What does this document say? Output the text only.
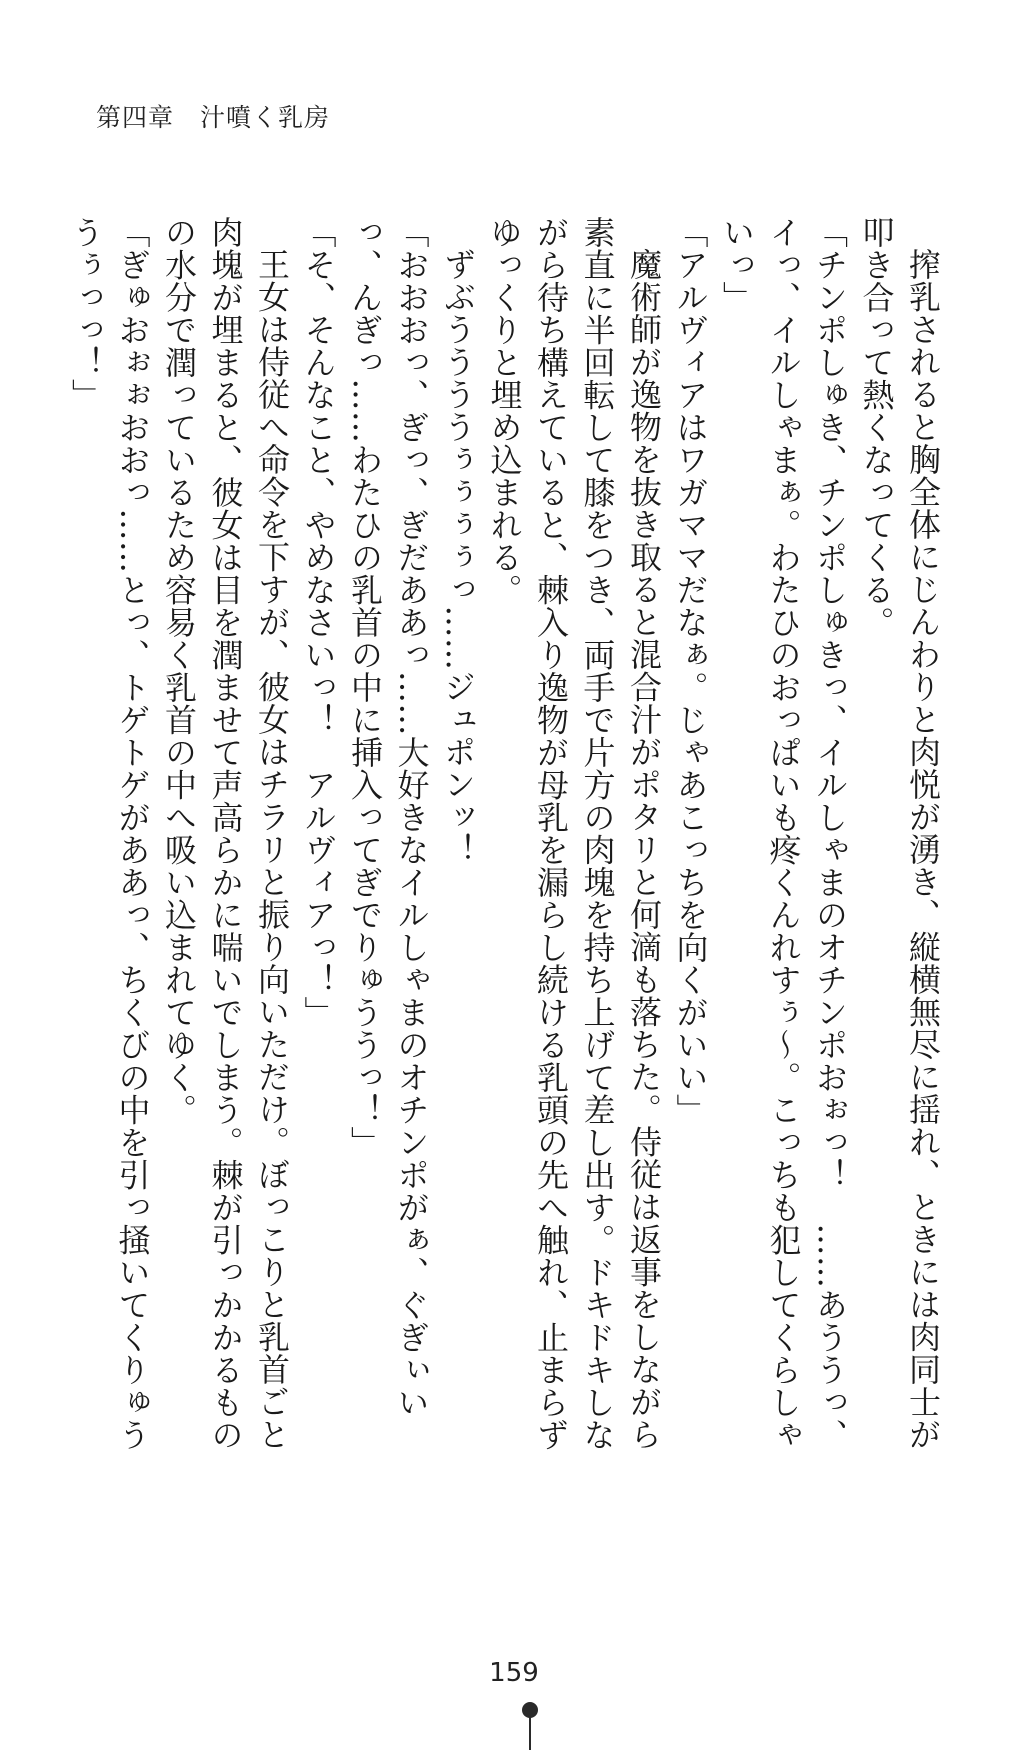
第四章　汁噴く乳房

搾乳されると胸全体にじんわりと肉悦が湧き、縦横無尽に揺れ、ときには肉同士が叩き合って熱くなってくる。

「チンポしゅき、チンポしゅきっ、イルしゃまのオチンポおぉっ！　……あううっ、イっ、イルしゃまぁ。わたひのおっぱいも疼くんれすぅ～。こっちも犯してくらしゃいっ」

「アルヴィアはワガママだなぁ。じゃあこっちを向くがいい」

魔術師が逸物を抜き取ると混合汁がポタリと何滴も落ちた。侍従は返事をしながら素直に半回転して膝をつき、両手で片方の肉塊を持ち上げて差し出す。ドキドキしながら待ち構えていると、棘入り逸物が母乳を漏らし続ける乳頭の先へ触れ、止まらずゆっくりと埋め込まれる。

ずぶううううぅぅぅぅっ……ジュポンッ！

「おおおっ、ぎっ、ぎだああっ……大好きなイルしゃまのオチンポがぁ、ぐぎぃいっ、んぎっ……わたひの乳首の中に挿入ってぎでりゅううっ！」

「そ、そんなこと、やめなさいっ！　アルヴィアっ！」

王女は侍従へ命令を下すが、彼女はチラリと振り向いただけ。ぼっこりと乳首ごと肉塊が埋まると、彼女は目を潤ませて声高らかに喘いでしまう。棘が引っかかるものの水分で潤っているため容易く乳首の中へ吸い込まれてゆく。

「ぎゅおぉぉおおっ……とっ、トゲトゲがああっ、ちくびの中を引っ掻いてくりゅううぅっっ！」

159
